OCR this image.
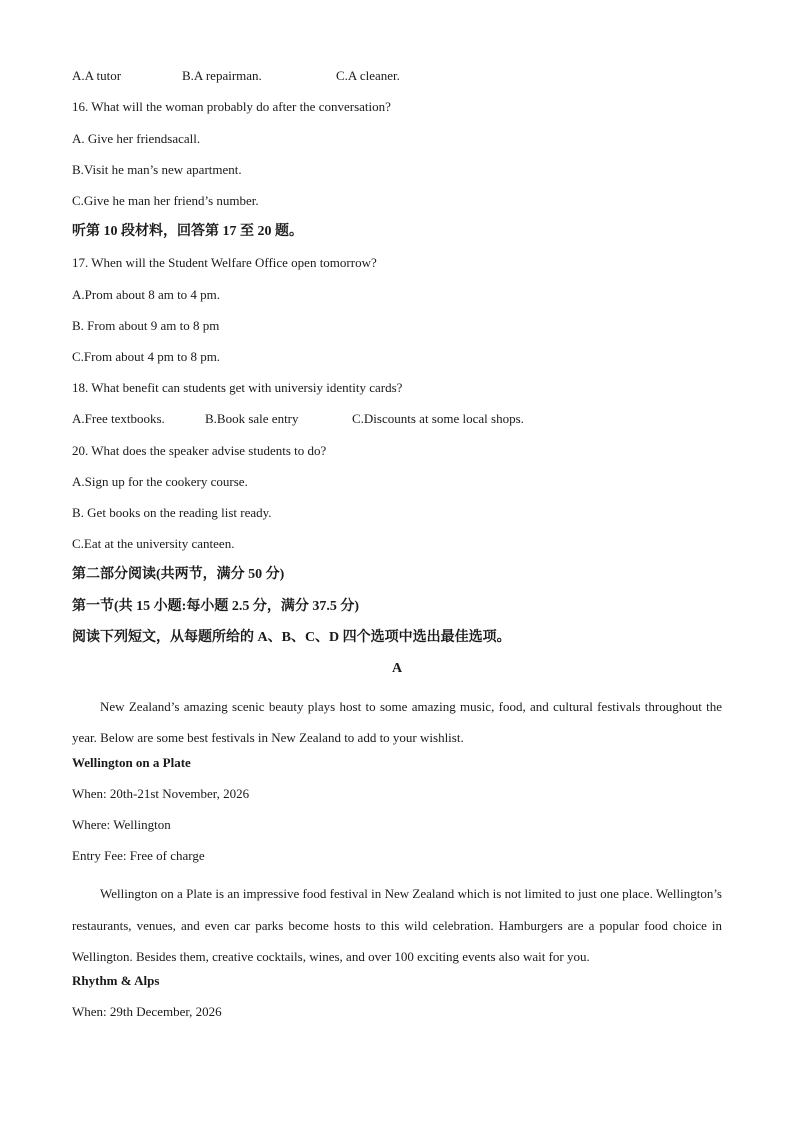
A.A tutor	B.A repairman.	C.A cleaner.
16. What will the woman probably do after the conversation?
A. Give her friendsacall.
B.Visit he man’s new apartment.
C.Give he man her friend’s number.
听第 10 段材料，回答第 17 至 20 题。
17. When will the Student Welfare Office open tomorrow?
A.Prom about 8 am to 4 pm.
B. From about 9 am to 8 pm
C.From about 4 pm to 8 pm.
18. What benefit can students get with universiy identity cards?
A.Free textbooks.	B.Book sale entry	C.Discounts at some local shops.
20. What does the speaker advise students to do?
A.Sign up for the cookery course.
B. Get books on the reading list ready.
C.Eat at the university canteen.
第二部分阅读(共两节，满分 50 分)
第一节(共 15 小题:每小题 2.5 分，满分 37.5 分)
阅读下列短文，从每题所给的 A、B、C、D 四个选项中选出最佳选项。
A
New Zealand’s amazing scenic beauty plays host to some amazing music, food, and cultural festivals throughout the year. Below are some best festivals in New Zealand to add to your wishlist.
Wellington on a Plate
When: 20th-21st November, 2026
Where: Wellington
Entry Fee: Free of charge
Wellington on a Plate is an impressive food festival in New Zealand which is not limited to just one place. Wellington’s restaurants, venues, and even car parks become hosts to this wild celebration. Hamburgers are a popular food choice in Wellington. Besides them, creative cocktails, wines, and over 100 exciting events also wait for you.
Rhythm & Alps
When: 29th December, 2026
